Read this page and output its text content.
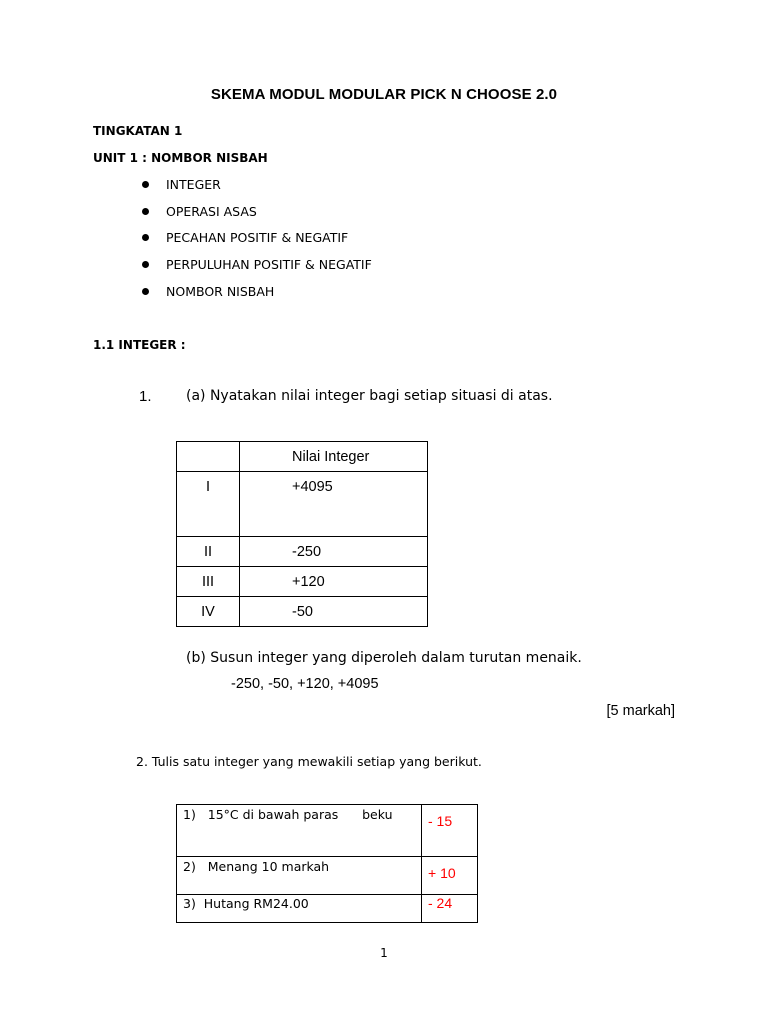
SKEMA MODUL MODULAR PICK N CHOOSE 2.0
TINGKATAN 1
UNIT 1 : NOMBOR NISBAH
INTEGER
OPERASI ASAS
PECAHAN POSITIF & NEGATIF
PERPULUHAN POSITIF & NEGATIF
NOMBOR NISBAH
1.1 INTEGER :
1. (a) Nyatakan nilai integer bagi setiap situasi di atas.
	Nilai Integer
I	+4095
II	-250
III	+120
IV	-50
(b) Susun integer yang diperoleh dalam turutan menaik.
-250, -50, +120, +4095
[5 markah]
2. Tulis satu integer yang mewakili setiap yang berikut.
1)   15°C di bawah paras      beku	- 15
2)   Menang 10 markah	+ 10
3)  Hutang RM24.00	- 24
1
